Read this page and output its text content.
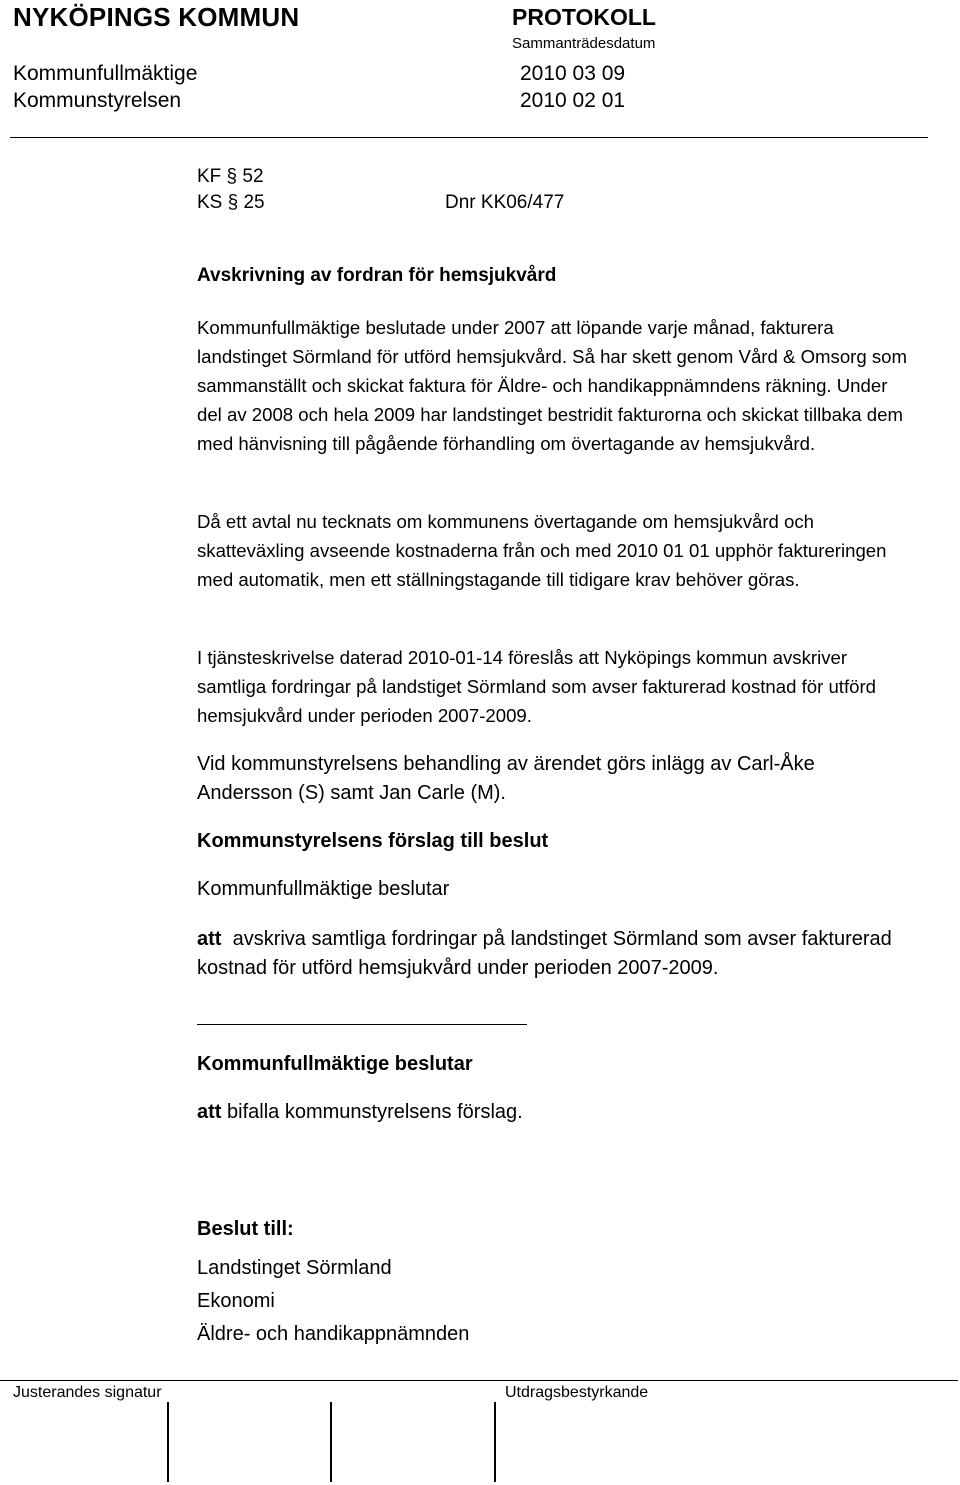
NYKÖPINGS KOMMUN	PROTOKOLL
Sammanträdesdatum
Kommunfullmäktige	2010 03 09
Kommunstyrelsen	2010 02 01
KF § 52
KS § 25	Dnr KK06/477
Avskrivning av fordran för hemsjukvård
Kommunfullmäktige beslutade under 2007 att löpande varje månad, fakturera landstinget Sörmland för utförd hemsjukvård. Så har skett genom Vård & Omsorg som sammanställt och skickat faktura för Äldre- och handikappnämndens räkning. Under del av 2008 och hela 2009 har landstinget bestridit fakturorna och skickat tillbaka dem med hänvisning till pågående förhandling om övertagande av hemsjukvård.
Då ett avtal nu tecknats om kommunens övertagande om hemsjukvård och skatteväxling avseende kostnaderna från och med 2010 01 01 upphör faktureringen med automatik, men ett ställningstagande till tidigare krav behöver göras.
I tjänsteskrivelse daterad 2010-01-14 föreslås att Nyköpings kommun avskriver samtliga fordringar på landstiget Sörmland som avser fakturerad kostnad för utförd hemsjukvård under perioden 2007-2009.
Vid kommunstyrelsens behandling av ärendet görs inlägg av Carl-Åke Andersson (S) samt Jan Carle (M).
Kommunstyrelsens förslag till beslut
Kommunfullmäktige beslutar
att avskriva samtliga fordringar på landstinget Sörmland som avser fakturerad kostnad för utförd hemsjukvård under perioden 2007-2009.
Kommunfullmäktige beslutar
att bifalla kommunstyrelsens förslag.
Beslut till:
Landstinget Sörmland
Ekonomi
Äldre- och handikappnämnden
Justerandes signatur	Utdragsbestyrkande
